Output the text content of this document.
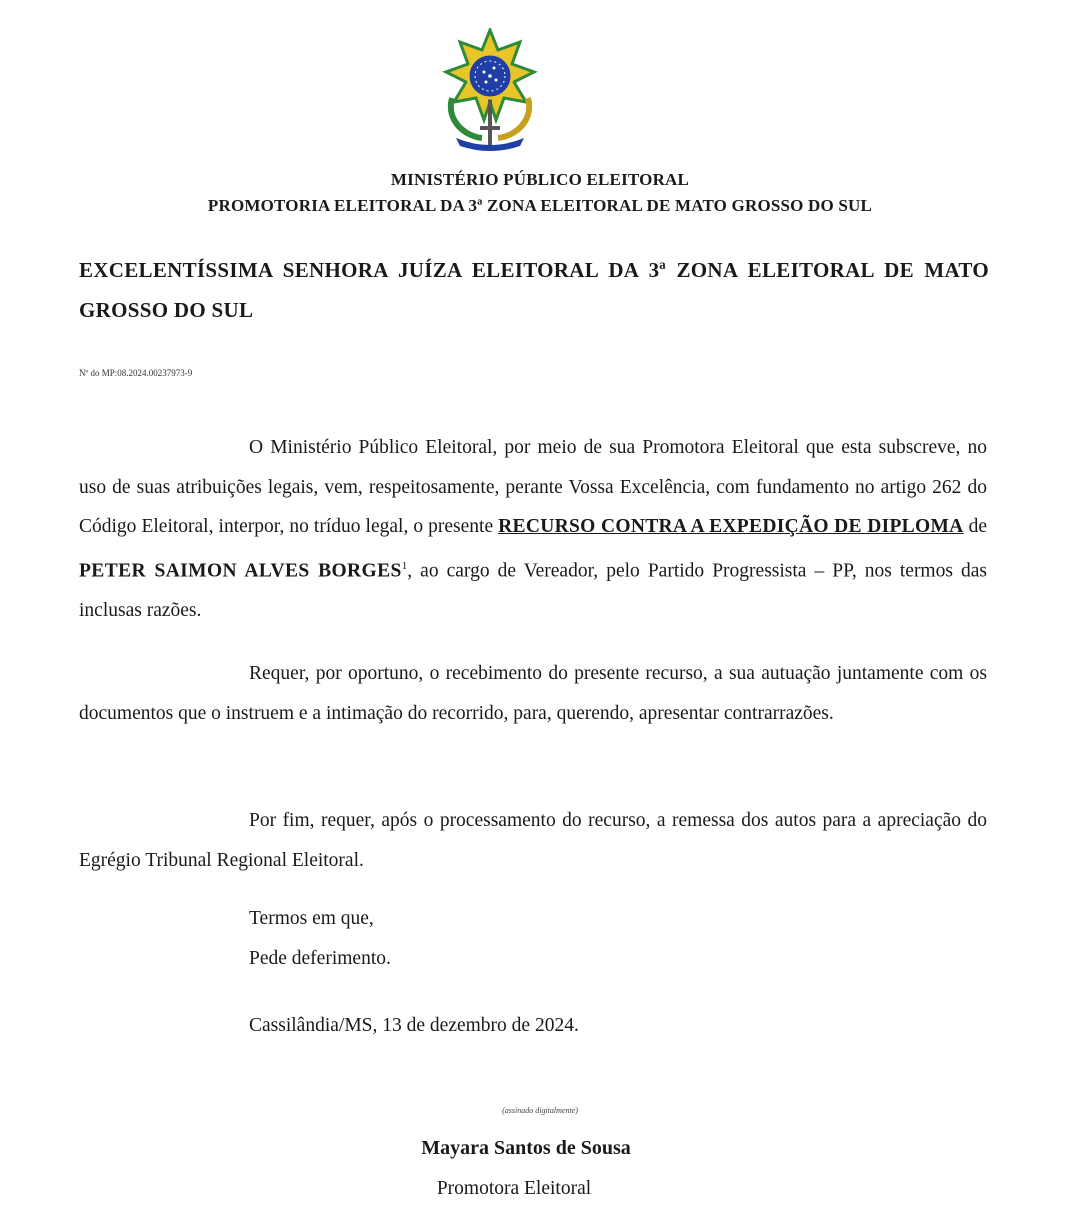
MINISTÉRIO PÚBLICO ELEITORAL
PROMOTORIA ELEITORAL DA 3ª ZONA ELEITORAL DE MATO GROSSO DO SUL
EXCELENTÍSSIMA SENHORA JUÍZA ELEITORAL DA 3ª ZONA ELEITORAL DE MATO GROSSO DO SUL
Nº do MP:08.2024.00237973-9
O Ministério Público Eleitoral, por meio de sua Promotora Eleitoral que esta subscreve, no uso de suas atribuições legais, vem, respeitosamente, perante Vossa Excelência, com fundamento no artigo 262 do Código Eleitoral, interpor, no tríduo legal, o presente RECURSO CONTRA A EXPEDIÇÃO DE DIPLOMA de PETER SAIMON ALVES BORGES$^1$, ao cargo de Vereador, pelo Partido Progressista – PP, nos termos das inclusas razões.
Requer, por oportuno, o recebimento do presente recurso, a sua autuação juntamente com os documentos que o instruem e a intimação do recorrido, para, querendo, apresentar contrarrazões.
Por fim, requer, após o processamento do recurso, a remessa dos autos para a apreciação do Egrégio Tribunal Regional Eleitoral.
Termos em que,
Pede deferimento.
Cassilândia/MS, 13 de dezembro de 2024.
(assinado digitalmente)
Mayara Santos de Sousa
Promotora Eleitoral
